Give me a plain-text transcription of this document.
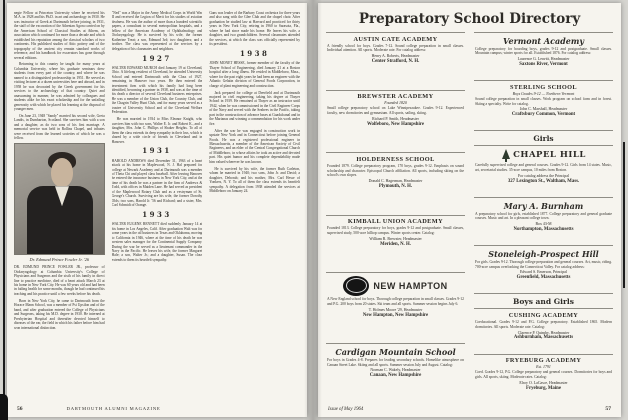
negie Fellow at Princeton University where he received his M.A. in 1928 and his Ph.D. in art and archaeology in 1930. He was instructor of Greek at Dartmouth before joining, in 1931, the staff of the excavation of the Athenian Agora carried on by the American School of Classical Studies at Athens, an association which continued for more than a decade and which established his reputation among the classical scholars of two continents. His published studies of Attic pottery and of the topography of the ancient city remain standard works of reference, and his handbook for excavators has gone through several editions.

Returning to this country he taught for many years at Columbia University, where his graduate seminars drew students from every part of the country, and where he was named to a distinguished professorship in 1951. He served as visiting lecturer at a dozen universities here and abroad, and in 1958 he was decorated by the Greek government for his services to the archaeology of that country. Quiet and unassuming in manner, he was admired by colleagues and students alike for his exact scholarship and for the unfailing generosity with which he placed his learning at the disposal of younger men.

On June 23, 1948 "Sandy" married his second wife, Greta Landis, in Dumbarton, Scotland. She survives him with a son and a daughter, as do two sons of his first marriage. A memorial service was held in Rollins Chapel, and tributes were received from the learned societies of which he was a fellow.

Dr. Edmund Prince Fowler Jr. '26

DR. EDMUND PRINCE FOWLER JR., professor of Otolaryngology at Columbia University's College of Physicians and Surgeons and the sixth of his family in direct line to practice medicine, died of a heart attack March 23 at his home in New York City. He was 60 years old and had been in failing health for some months, though he had continued his teaching and his practice until a few weeks before his death.

Born in New York City, he came to Dartmouth from the Horace Mann School, was a member of Psi Upsilon and of the band, and after graduation entered the College of Physicians and Surgeons, taking his M.D. degree in 1930. He interned at Presbyterian Hospital and thereafter devoted himself to diseases of the ear, the field in which his father before him had won international distinction.

"Ned" was a Major in the Army Medical Corps in World War II and received the Legion of Merit for his studies of aviation deafness. He was the author of more than a hundred scientific papers, a consultant to several metropolitan hospitals, and a fellow of the American Academy of Ophthalmology and Otolaryngology. He is survived by his wife, the former Katherine Treat; a son, Edmund 3rd; two daughters; and a brother. The class was represented at the services by a delegation of his classmates and neighbors.

1927

WALTER EDWARD MURCH died January 19 at Cleveland, Ohio. A lifelong resident of Cleveland, he attended University School and entered Dartmouth with the Class of 1927, remaining in Hanover two years. He then entered the investment firm with which his family had long been identified, becoming a partner in 1938, and was at the time of his death a director of several Cleveland business enterprises. He was a member of the Union Club, the Country Club, and the Chagrin Valley Hunt Club, and for many years served as a trustee of University School and of the Cleveland Welfare Federation.

He was married in 1934 to Miss Eleanor Knight, who survives him with two sons, Walter E. Jr. and Robert K., and a daughter, Mrs. John C. Phillips of Shaker Heights. To all of them the class extends its deep sympathy in their loss, which is shared by a wide circle of friends in Cleveland and in Hanover.

1931

HAROLD ANDREWS died December 31, 1963 of a heart attack at his home in Maplewood, N. J. Hal prepared for college at Newark Academy and at Dartmouth was a member of Theta Chi and played class baseball. After leaving Hanover he entered the insurance business in New York City, and at the time of his death he was a partner in the firm of Andrews & Todd, with offices in Maiden Lane. He had served as president of the Maplewood Rotary Club and as a vestryman of St. George's Church. Surviving are his wife, the former Dorothy Olds; two sons, Harold Jr. '56 and Richard; and a sister, Mrs. Carl Schmidt of Orange.

1933

WALTER EUGENE BENNETT died suddenly January 14 at his home in Los Angeles, Calif. After graduation Walt was for some years in the oil business in Texas and Oklahoma, moving to California in 1946, where at the time of his death he was western sales manager for the Continental Supply Company. During the war he served as a lieutenant commander in the Navy in the Pacific. He leaves his wife, the former Margaret Hale; a son, Walter Jr.; and a daughter, Susan. The class extends to them its heartfelt sympathy.

Gans was leader of the Barbary Coast orchestra for three years and also sang with the Glee Club and the chapel choir. After graduation he studied law at Harvard and practiced for thirty years in New York City, retiring in 1960 to Sarasota, Fla., where he had since made his home. He leaves his wife, a daughter, and two grandchildren. Several classmates attended the services, at which the class was officially represented by its president.

1938

JOHN MONET HESSE, former member of the faculty of the Thayer School of Engineering, died January 21 at a Boston hospital after a long illness. He resided in Middleboro, Mass., where for the past eight years he had been an engineer with the Atlantic Gelatin division of General Foods Corporation, in charge of plant engineering and construction.

Jack prepared for college at Deerfield and at Dartmouth majored in civil engineering, taking his degree at Thayer School in 1939. He remained at Thayer as an instructor until 1942, when he was commissioned in the Civil Engineer Corps of the Navy and served with the Seabees in the Pacific, taking part in the construction of advance bases at Guadalcanal and in the Marianas and winning a commendation for his work under fire.

After the war he was engaged in construction work in upstate New York and in Connecticut before joining General Foods. He was a registered professional engineer in Massachusetts, a member of the American Society of Civil Engineers, and an elder of the Central Congregational Church of Middleboro, in whose affairs he took an active and devoted part. His quiet humor and his complete dependability made him valued wherever he was known.

He is survived by his wife, the former Ruth Carleton, whom he married in 1940; two sons, John Jr. and David; a daughter, Deborah; and his mother, Mrs. Carl Hesse of Yonkers, N. Y. To all of them the class extends its heartfelt sympathy. A delegation from 1938 attended the services at Middleboro on January 24.

56	DARTMOUTH ALUMNI MAGAZINE
Preparatory School Directory
AUSTIN CATE ACADEMY
A friendly school for boys. Grades 7-12. Sound college preparation in small classes. Individual attention. All sports. Moderate rate. For catalog address:
Henry A. Roberts, Headmaster
Center Strafford, N. H.
BREWSTER ACADEMY
Founded 1820
Small college preparatory school on Lake Winnipesaukee. Grades 9-12. Experienced faculty, new dormitories and gymnasium. All sports, sailing, skiing.
Richard P. Smith, Headmaster
Wolfeboro, New Hampshire
HOLDERNESS SCHOOL
Founded 1879. College preparatory program, 170 boys, grades 9-12. Emphasis on sound scholarship and character. Episcopal Church affiliation. All sports, including skiing on the school's own slopes.
Donald C. Hagerman, Headmaster
Plymouth, N. H.
KIMBALL UNION ACADEMY
Founded 1813. College preparatory for boys, grades 9-12 and postgraduate. Small classes, supervised study, 500-acre hilltop campus. Winter sports center. Catalog:
William R. Brewster, Headmaster
Meriden, N. H.
NEW HAMPTON
A New England school for boys. Thorough college preparation in small classes. Grades 9-12 and P.G. 200 boys from 20 states. Ski team and all sports. Summer session begins July 6.
T. Holmes Moore '29, Headmaster
New Hampton, New Hampshire
Cardigan Mountain School
For boys in Grades 4-8. Prepares for leading secondary schools. Homelike atmosphere on Canaan Street Lake. Skiing and all sports. Summer session July and August. Catalog:
Norman C. Wakely, Headmaster
Canaan, New Hampshire
Vermont Academy
College preparatory for boarding boys, grades 9-12 and postgraduate. Small classes. Mountain campus; winter sports for all. Established 1876. For catalog address:
Laurence G. Leavitt, Headmaster
Saxtons River, Vermont
STERLING SCHOOL
Boys Grades 9-12 — Northern Vermont
Sound college preparation in small classes. Work program on school farm and in forest. Skiing a specialty. Write for catalog.
John C. Marshall, Headmaster
Craftsbury Common, Vermont
Girls
CHAPEL HILL
Carefully supervised college and general courses. Grades 9-12. Girls from 14 states. Music, art, secretarial studies. 35-acre campus, 10 miles from Boston.
For catalog address the Principal
327 Lexington St., Waltham, Mass.
Mary A. Burnham
A preparatory school for girls, established 1877. College preparatory and general graduate courses. Music and art. In a pleasant college town.
Box 43-M
Northampton, Massachusetts
Stoneleigh-Prospect Hill
For girls. Grades 9-12. Thorough college preparation and general courses. Art, music, riding. 700-acre campus overlooking the Connecticut Valley. For catalog address:
Edward S. Emerson, Principal
Greenfield, Massachusetts
Boys and Girls
CUSHING ACADEMY
Coeducational. Grades 9-12 and P.G. College preparatory. Established 1865. Modern dormitories. All sports. Moderate rate. Catalog:
Clarence P. Quimby, Headmaster
Ashburnham, Massachusetts
FRYEBURG ACADEMY
Est. 1791
Coed. Grades 9-12, P.G. College preparatory and general courses. Dormitories for boys and girls. All sports, skiing. Moderate rates. Catalog:
Elroy O. LaCasce, Headmaster
Fryeburg, Maine
Issue of May 1964	57
